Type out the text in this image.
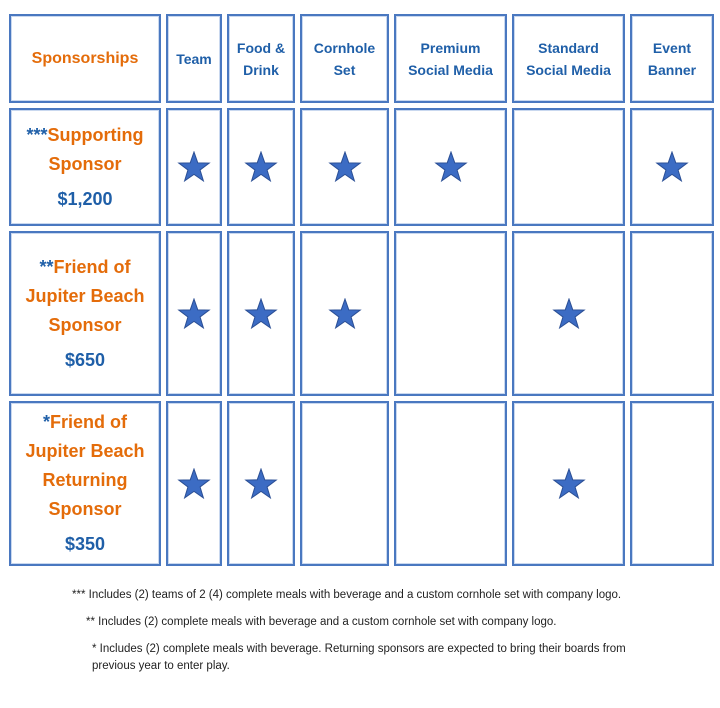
Sponsorships	Team
Food &
Drink
Cornhole
Set
Premium
Social Media
Standard
Social Media
Event
Banner
***Supporting
Sponsor
$1,200
**Friend of
Jupiter Beach
Sponsor
$650
*Friend of
Jupiter Beach
Returning
Sponsor
$350

*** Includes (2) teams of 2 (4) complete meals with beverage and a custom cornhole set with company logo.

** Includes (2) complete meals with beverage and a custom cornhole set with company logo.

* Includes (2) complete meals with beverage. Returning sponsors are expected to bring their boards from previous year to enter play.
